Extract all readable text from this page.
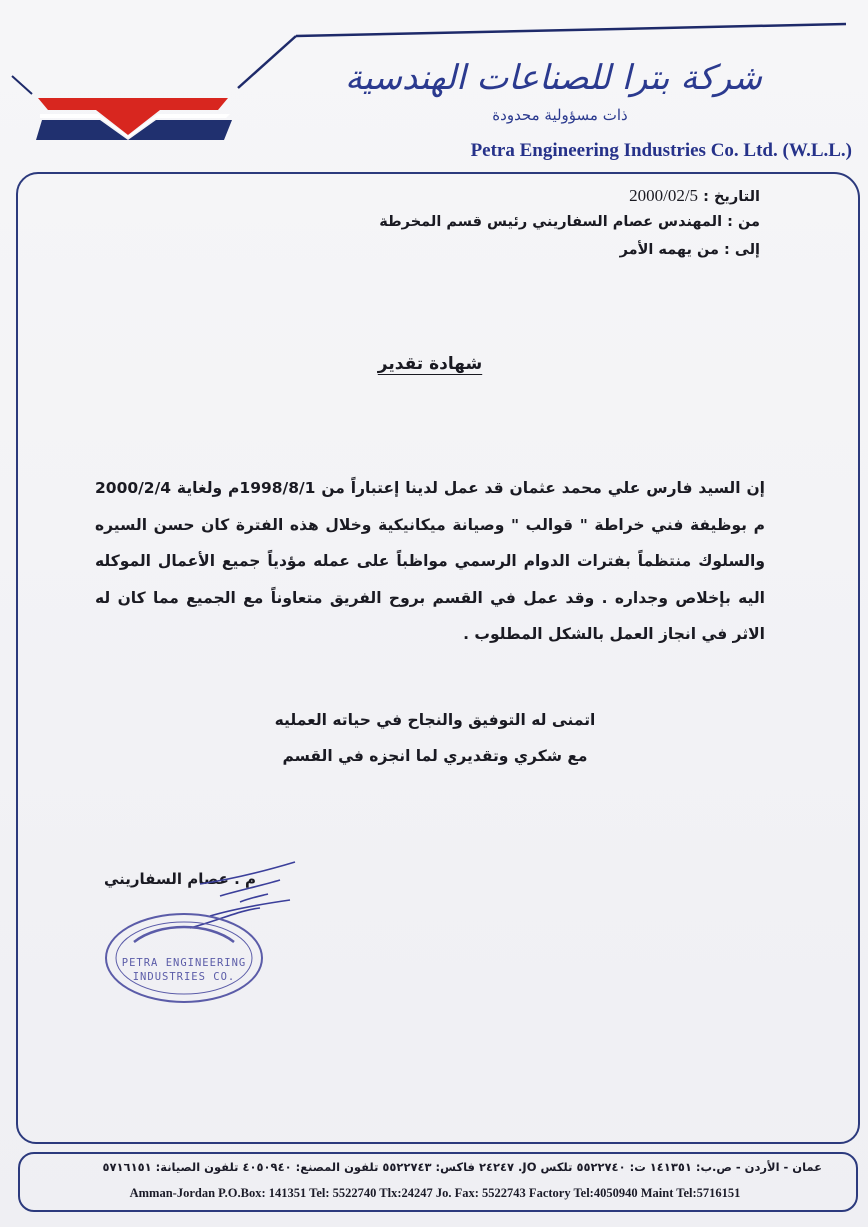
شركة بترا للصناعات الهندسية
ذات مسؤولية محدودة
Petra Engineering Industries Co. Ltd. (W.L.L.)
التاريخ : 2000/02/5
من : المهندس عصام السفاريني رئيس قسم المخرطة
إلى : من يهمه الأمر
شهادة تقدير
إن السيد فارس علي محمد عثمان قد عمل لدينا إعتباراً من 1998/8/1م ولغاية 2000/2/4 م بوظيفة فني خراطة " قوالب " وصيانة ميكانيكية وخلال هذه الفترة كان حسن السيره والسلوك منتظماً بفترات الدوام الرسمي مواظباً على عمله مؤدياً جميع الأعمال الموكله اليه بإخلاص وجداره . وقد عمل في القسم بروح الفريق متعاوناً مع الجميع مما كان له الاثر في انجاز العمل بالشكل المطلوب .
اتمنى له التوفيق والنجاح في حياته العمليه
مع شكري وتقديري لما انجزه في القسم
م . عصام السفاريني
PETRA ENGINEERING
INDUSTRIES CO.
عمان - الأردن - ص.ب: ١٤١٣٥١ ت: ٥٥٢٢٧٤٠ تلكس JO. ٢٤٢٤٧ فاكس: ٥٥٢٢٧٤٣ تلفون المصنع: ٤٠٥٠٩٤٠ تلفون الصيانة: ٥٧١٦١٥١
Amman-Jordan P.O.Box: 141351 Tel: 5522740 Tlx:24247 Jo. Fax: 5522743 Factory Tel:4050940 Maint Tel:5716151
